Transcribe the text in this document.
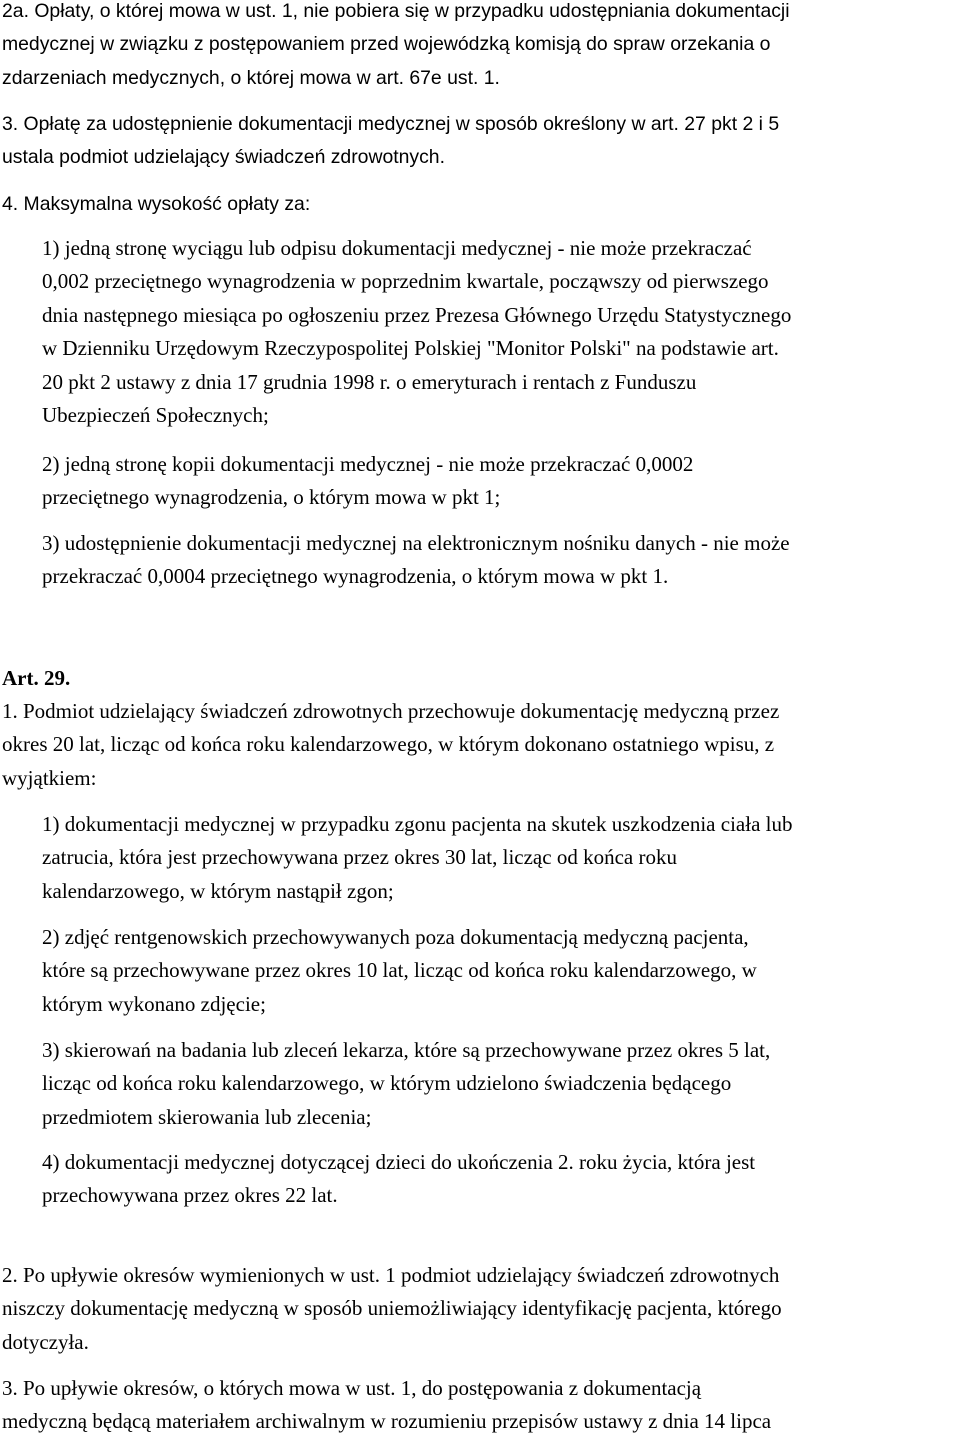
2a. Opłaty, o której mowa w ust. 1, nie pobiera się w przypadku udostępniania dokumentacji
medycznej w związku z postępowaniem przed wojewódzką komisją do spraw orzekania o
zdarzeniach medycznych, o której mowa w art. 67e ust. 1.

3. Opłatę za udostępnienie dokumentacji medycznej w sposób określony w art. 27 pkt 2 i 5
ustala podmiot udzielający świadczeń zdrowotnych.

4. Maksymalna wysokość opłaty za:

1) jedną stronę wyciągu lub odpisu dokumentacji medycznej - nie może przekraczać
0,002 przeciętnego wynagrodzenia w poprzednim kwartale, począwszy od pierwszego
dnia następnego miesiąca po ogłoszeniu przez Prezesa Głównego Urzędu Statystycznego
w Dzienniku Urzędowym Rzeczypospolitej Polskiej "Monitor Polski" na podstawie art.
20 pkt 2 ustawy z dnia 17 grudnia 1998 r. o emeryturach i rentach z Funduszu
Ubezpieczeń Społecznych;

2) jedną stronę kopii dokumentacji medycznej - nie może przekraczać 0,0002
przeciętnego wynagrodzenia, o którym mowa w pkt 1;

3) udostępnienie dokumentacji medycznej na elektronicznym nośniku danych - nie może
przekraczać 0,0004 przeciętnego wynagrodzenia, o którym mowa w pkt 1.

Art. 29.

1. Podmiot udzielający świadczeń zdrowotnych przechowuje dokumentację medyczną przez
okres 20 lat, licząc od końca roku kalendarzowego, w którym dokonano ostatniego wpisu, z
wyjątkiem:

1) dokumentacji medycznej w przypadku zgonu pacjenta na skutek uszkodzenia ciała lub
zatrucia, która jest przechowywana przez okres 30 lat, licząc od końca roku
kalendarzowego, w którym nastąpił zgon;

2) zdjęć rentgenowskich przechowywanych poza dokumentacją medyczną pacjenta,
które są przechowywane przez okres 10 lat, licząc od końca roku kalendarzowego, w
którym wykonano zdjęcie;

3) skierowań na badania lub zleceń lekarza, które są przechowywane przez okres 5 lat,
licząc od końca roku kalendarzowego, w którym udzielono świadczenia będącego
przedmiotem skierowania lub zlecenia;

4) dokumentacji medycznej dotyczącej dzieci do ukończenia 2. roku życia, która jest
przechowywana przez okres 22 lat.

2. Po upływie okresów wymienionych w ust. 1 podmiot udzielający świadczeń zdrowotnych
niszczy dokumentację medyczną w sposób uniemożliwiający identyfikację pacjenta, którego
dotyczyła.

3. Po upływie okresów, o których mowa w ust. 1, do postępowania z dokumentacją
medyczną będącą materiałem archiwalnym w rozumieniu przepisów ustawy z dnia 14 lipca
